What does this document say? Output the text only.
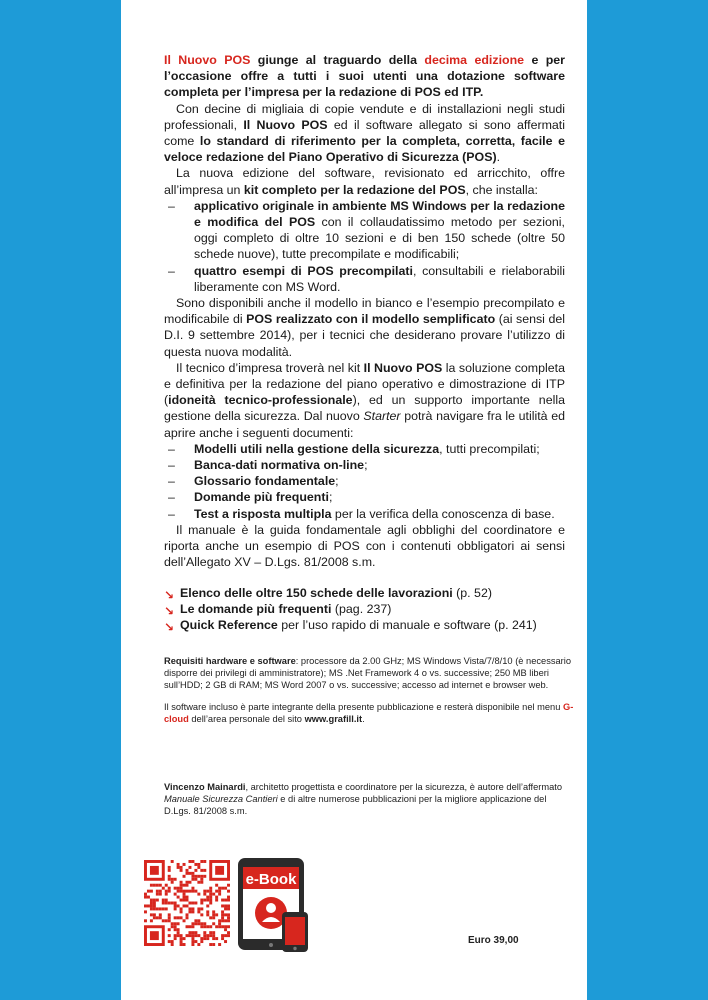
Il Nuovo POS giunge al traguardo della decima edizione e per l’occasione offre a tutti i suoi utenti una dotazione software completa per l’impresa per la redazione di POS ed ITP.

Con decine di migliaia di copie vendute e di installazioni negli studi professionali, Il Nuovo POS ed il software allegato si sono affermati come lo standard di riferimento per la completa, corretta, facile e veloce redazione del Piano Operativo di Sicurezza (POS).

La nuova edizione del software, revisionato ed arricchito, offre all’impresa un kit completo per la redazione del POS, che installa:

– applicativo originale in ambiente MS Windows per la redazione e modifica del POS con il collaudatissimo metodo per sezioni, oggi completo di oltre 10 sezioni e di ben 150 schede (oltre 50 schede nuove), tutte precompilate e modificabili;
– quattro esempi di POS precompilati, consultabili e rielaborabili liberamente con MS Word.

Sono disponibili anche il modello in bianco e l’esempio precompilato e modificabile di POS realizzato con il modello semplificato (ai sensi del D.I. 9 settembre 2014), per i tecnici che desiderano provare l’utilizzo di questa nuova modalità.

Il tecnico d’impresa troverà nel kit Il Nuovo POS la soluzione completa e definitiva per la redazione del piano operativo e dimostrazione di ITP (idoneità tecnico-professionale), ed un supporto importante nella gestione della sicurezza. Dal nuovo Starter potrà navigare fra le utilità ed aprire anche i seguenti documenti:

– Modelli utili nella gestione della sicurezza, tutti precompilati;
– Banca-dati normativa on-line;
– Glossario fondamentale;
– Domande più frequenti;
– Test a risposta multipla per la verifica della conoscenza di base.

Il manuale è la guida fondamentale agli obblighi del coordinatore e riporta anche un esempio di POS con i contenuti obbligatori ai sensi dell’Allegato XV – D.Lgs. 81/2008 s.m.

↘ Elenco delle oltre 150 schede delle lavorazioni (p. 52)
↘ Le domande più frequenti (pag. 237)
↘ Quick Reference per l’uso rapido di manuale e software (p. 241)

Requisiti hardware e software: processore da 2.00 GHz; MS Windows Vista/7/8/10 (è necessario disporre dei privilegi di amministratore); MS .Net Framework 4 o vs. successive; 250 MB liberi sull’HDD; 2 GB di RAM; MS Word 2007 o vs. successive; accesso ad internet e browser web.

Il software incluso è parte integrante della presente pubblicazione e resterà disponibile nel menu G-cloud dell’area personale del sito www.grafill.it.

Vincenzo Mainardi, architetto progettista e coordinatore per la sicurezza, è autore dell’affermato Manuale Sicurezza Cantieri e di altre numerose pubblicazioni per la migliore applicazione del D.Lgs. 81/2008 s.m.
e-Book
Euro 39,00
